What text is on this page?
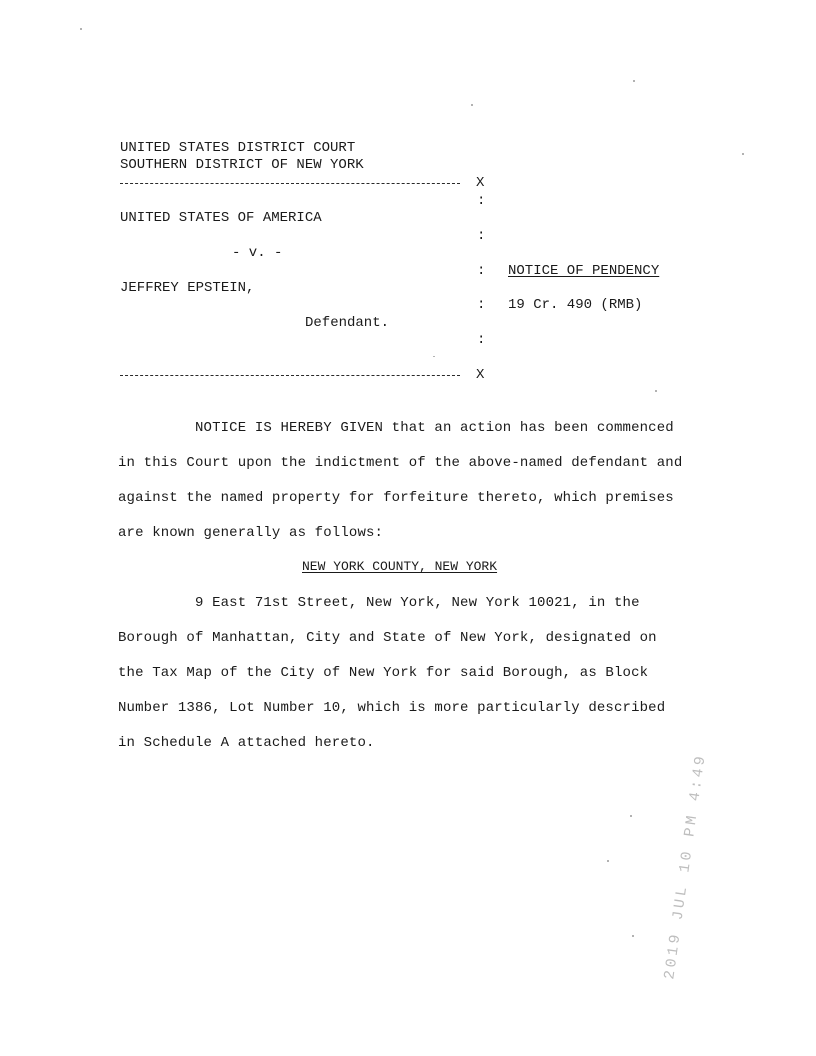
UNITED STATES DISTRICT COURT
SOUTHERN DISTRICT OF NEW YORK
X
:
UNITED STATES OF AMERICA
:
- v. -
: NOTICE OF PENDENCY
JEFFREY EPSTEIN,
: 19 Cr. 490 (RMB)
Defendant.
:
X
NOTICE IS HEREBY GIVEN that an action has been commenced
in this Court upon the indictment of the above-named defendant and
against the named property for forfeiture thereto, which premises
are known generally as follows:
NEW YORK COUNTY, NEW YORK
9 East 71st Street, New York, New York 10021, in the
Borough of Manhattan, City and State of New York, designated on
the Tax Map of the City of New York for said Borough, as Block
Number 1386, Lot Number 10, which is more particularly described
in Schedule A attached hereto.
2019 JUL 10 PM 4:49
